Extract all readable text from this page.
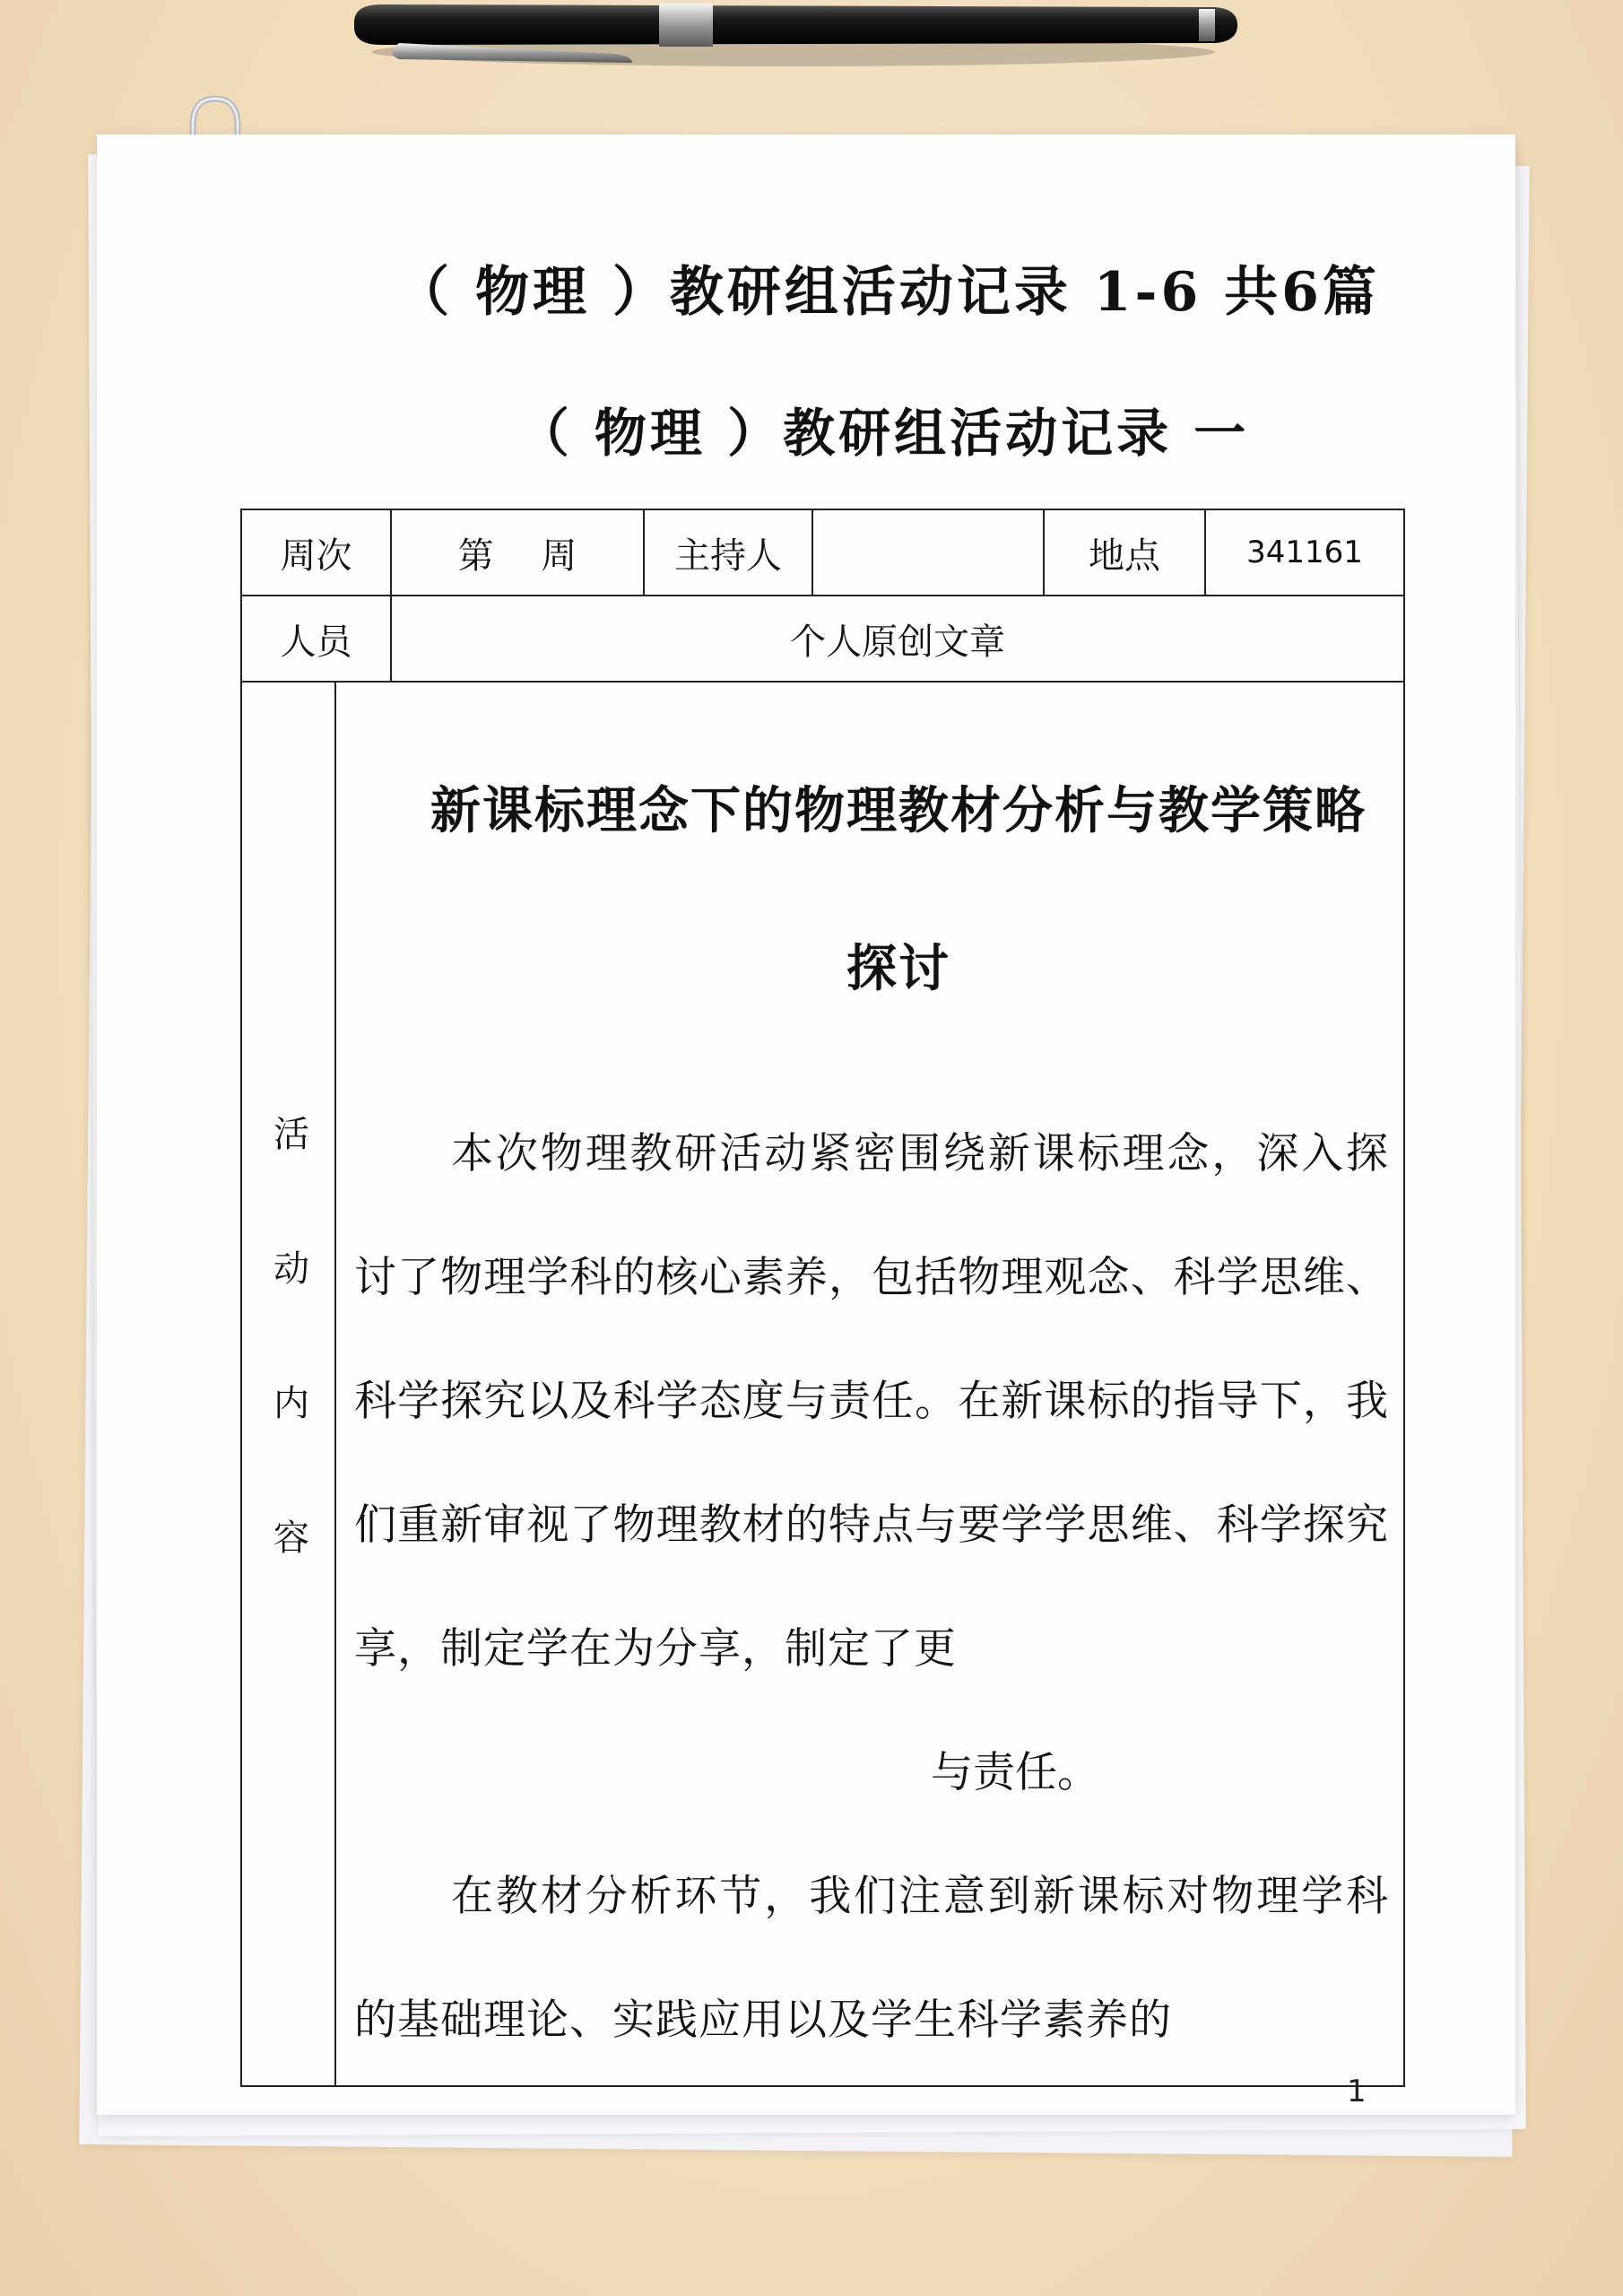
（ 物理 ）教研组活动记录 1-6 共6篇
（ 物理 ）教研组活动记录 一
周次		第　 周	主持人		地点	341161
人员		个人原创文章				

活动内容	新课标理念下的物理教材分析与教学策略探讨

本次物理教研活动紧密围绕新课标理念，深入探讨了物理学科的核心素养，包括物理观念、科学思维、科学探究以及科学态度与责任。在新课标的指导下，我们重新审视了物理教材的特点与要学学思维、科学探究享，制定学在为分享，制定了更

与责任。

在教材分析环节，我们注意到新课标对物理学科的基础理论、实践应用以及学生科学素养的					

1
